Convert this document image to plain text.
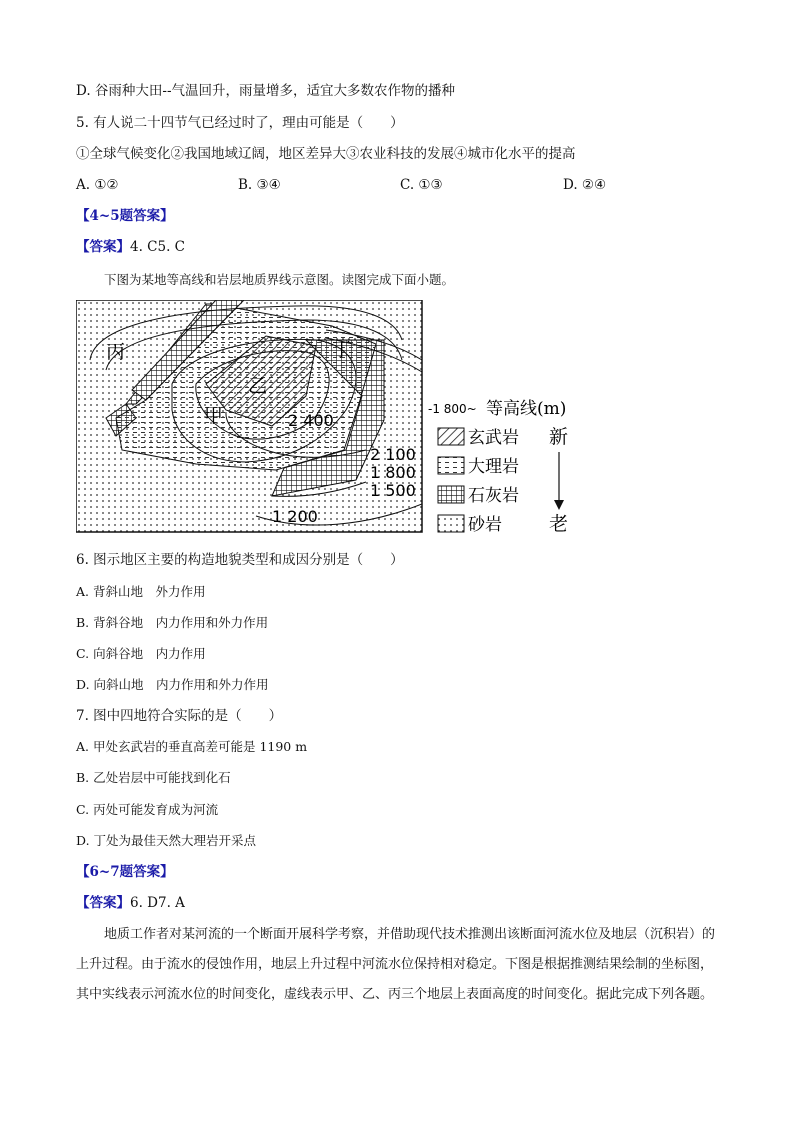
D. 谷雨种大田--气温回升，雨量增多，适宜大多数农作物的播种
5. 有人说二十四节气已经过时了，理由可能是（　　）
①全球气候变化②我国地域辽阔，地区差异大③农业科技的发展④城市化水平的提高
A. ①②	B. ③④	C. ①③	D. ②④
【4~5题答案】
【答案】4. C5. C
下图为某地等高线和岩层地质界线示意图。读图完成下面小题。
丙	丁
乙
甲	2 400
2 100
1 800
1 500
1 200
-1 800~ 等高线(m)
玄武岩
大理岩
石灰岩
砂岩
新
老
6. 图示地区主要的构造地貌类型和成因分别是（　　）
A. 背斜山地　外力作用
B. 背斜谷地　内力作用和外力作用
C. 向斜谷地　内力作用
D. 向斜山地　内力作用和外力作用
7. 图中四地符合实际的是（　　）
A. 甲处玄武岩的垂直高差可能是 1190 m
B. 乙处岩层中可能找到化石
C. 丙处可能发育成为河流
D. 丁处为最佳天然大理岩开采点
【6~7题答案】
【答案】6. D7. A
地质工作者对某河流的一个断面开展科学考察，并借助现代技术推测出该断面河流水位及地层（沉积岩）的上升过程。由于流水的侵蚀作用，地层上升过程中河流水位保持相对稳定。下图是根据推测结果绘制的坐标图，其中实线表示河流水位的时间变化，虚线表示甲、乙、丙三个地层上表面高度的时间变化。据此完成下列各题。
